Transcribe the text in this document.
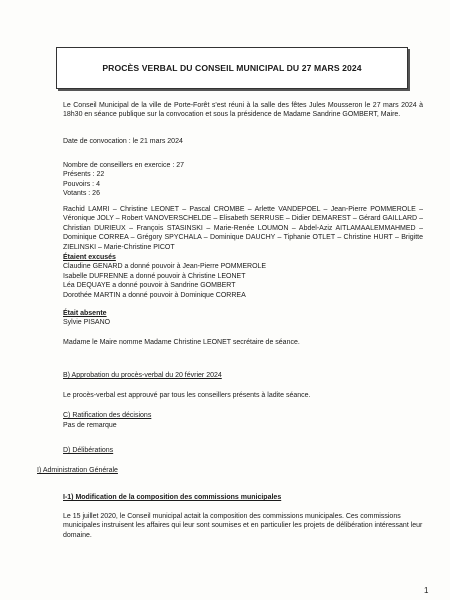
PROCÈS VERBAL DU CONSEIL MUNICIPAL DU 27 MARS 2024
Le Conseil Municipal de la ville de Porte-Forêt s'est réuni à la salle des fêtes Jules Mousseron le 27 mars 2024 à 18h30 en séance publique sur la convocation et sous la présidence de Madame Sandrine GOMBERT, Maire.
Date de convocation : le 21 mars 2024
Nombre de conseillers en exercice : 27
Présents : 22
Pouvoirs : 4
Votants : 26
Rachid LAMRI – Christine LEONET – Pascal CROMBE – Arlette VANDEPOEL – Jean-Pierre POMMEROLE – Véronique JOLY – Robert VANOVERSCHELDE – Elisabeth SERRUSE – Didier DEMAREST – Gérard GAILLARD – Christian DURIEUX – François STASINSKI – Marie-Renée LOUMON – Abdel-Aziz AITLAMAALEMMAHMED – Dominique CORREA – Grégory SPYCHALA – Dominique DAUCHY – Tiphanie OTLET – Christine HURT – Brigitte ZIELINSKI – Marie-Christine PICOT
Étaient excusés
Claudine GENARD a donné pouvoir à Jean-Pierre POMMEROLE
Isabelle DUFRENNE a donné pouvoir à Christine LEONET
Léa DEQUAYE a donné pouvoir à Sandrine GOMBERT
Dorothée MARTIN a donné pouvoir à Dominique CORREA
Était absente
Sylvie PISANO
Madame le Maire nomme Madame Christine LEONET secrétaire de séance.
B) Approbation du procès-verbal du 20 février 2024
Le procès-verbal est approuvé par tous les conseillers présents à ladite séance.
C) Ratification des décisions
Pas de remarque
D) Délibérations
I) Administration Générale
I-1) Modification de la composition des commissions municipales
Le 15 juillet 2020, le Conseil municipal actait la composition des commissions municipales. Ces commissions municipales instruisent les affaires qui leur sont soumises et en particulier les projets de délibération intéressant leur domaine.
1
